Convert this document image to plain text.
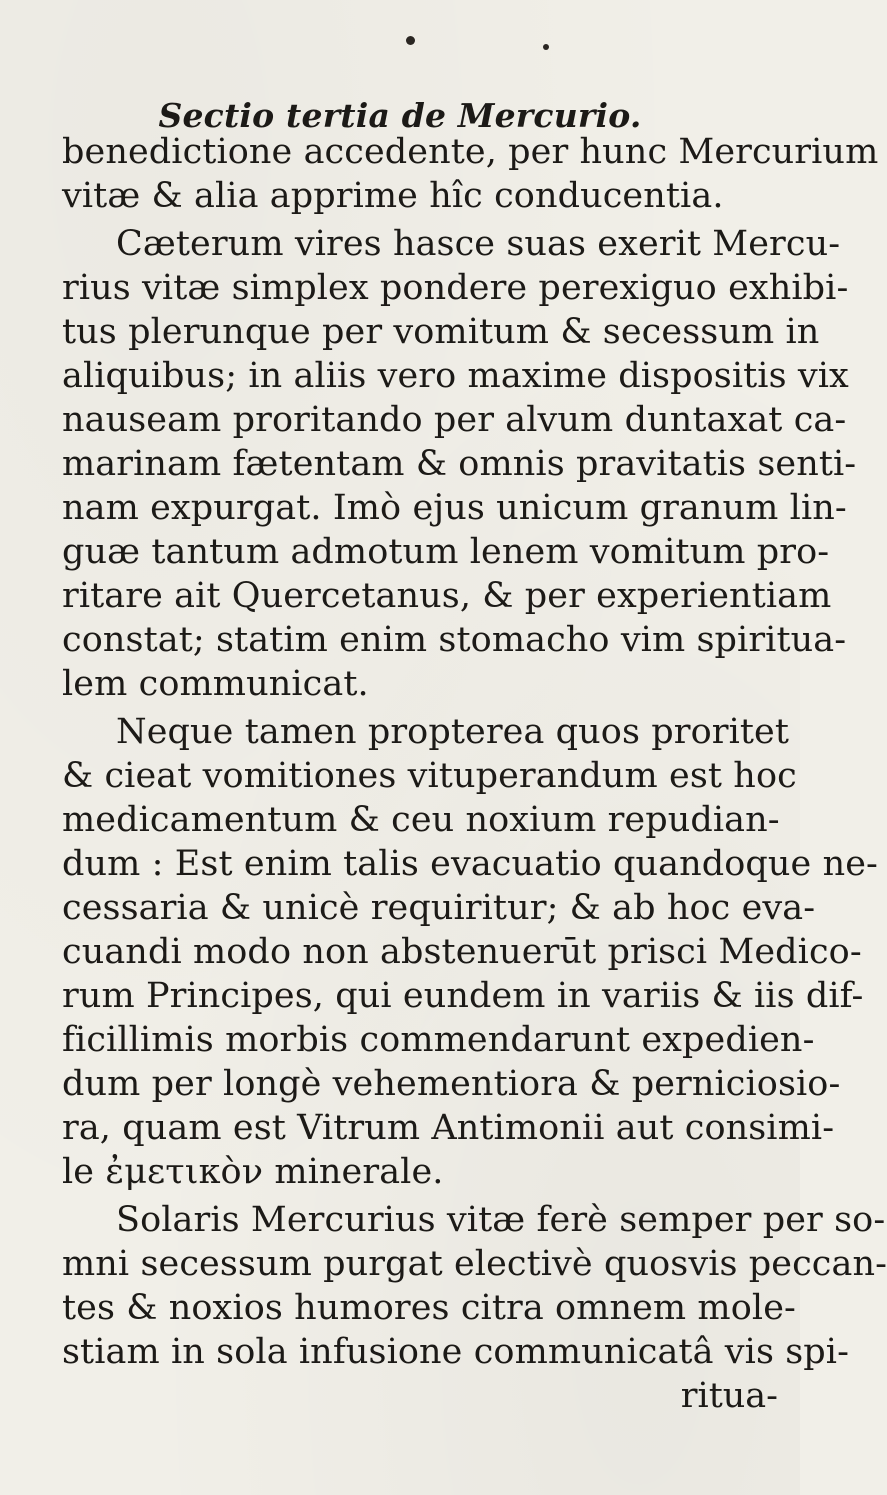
Sectio tertia de Mercurio.
benedictione accedente, per hunc Mercurium
vitæ & alia apprime hîc conducentia.
Cæterum vires hasce suas exerit Mercu-
rius vitæ simplex pondere perexiguo exhibi-
tus plerunque per vomitum & secessum in
aliquibus; in aliis vero maxime dispositis vix
nauseam proritando per alvum duntaxat ca-
marinam fætentam & omnis pravitatis senti-
nam expurgat. Imò ejus unicum granum lin-
guæ tantum admotum lenem vomitum pro-
ritare ait Quercetanus, & per experientiam
constat; statim enim stomacho vim spiritua-
lem communicat.
Neque tamen propterea quos proritet
& cieat vomitiones vituperandum est hoc
medicamentum & ceu noxium repudian-
dum : Est enim talis evacuatio quandoque ne-
cessaria & unicè requiritur; & ab hoc eva-
cuandi modo non abstenuerūt prisci Medico-
rum Principes, qui eundem in variis & iis dif-
ficillimis morbis commendarunt expedien-
dum per longè vehementiora & perniciosio-
ra, quam est Vitrum Antimonii aut consimi-
le ἐμετικὸν minerale.
Solaris Mercurius vitæ ferè semper per so-
mni secessum purgat electivè quosvis peccan-
tes & noxios humores citra omnem mole-
stiam in sola infusione communicatâ vis spi-
ritua-
